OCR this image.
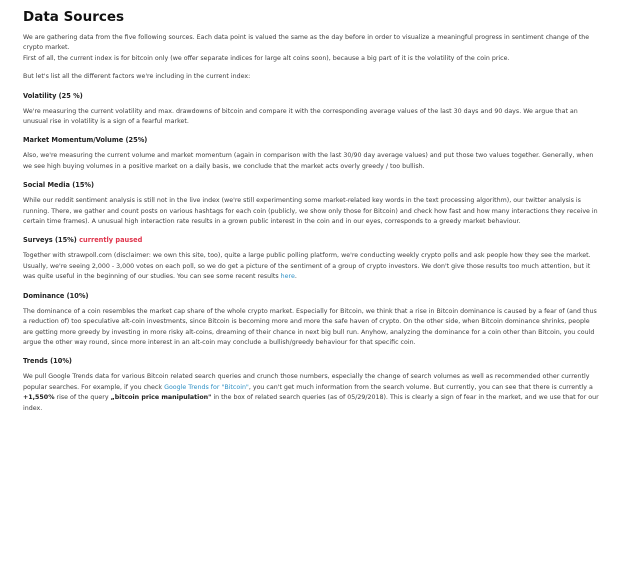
Data Sources

We are gathering data from the five following sources. Each data point is valued the same as the day before in order to visualize a meaningful progress in sentiment change of the crypto market.

First of all, the current index is for bitcoin only (we offer separate indices for large alt coins soon), because a big part of it is the volatility of the coin price.

But let's list all the different factors we're including in the current index:

Volatility (25 %)

We're measuring the current volatility and max. drawdowns of bitcoin and compare it with the corresponding average values of the last 30 days and 90 days. We argue that an unusual rise in volatility is a sign of a fearful market.

Market Momentum/Volume (25%)

Also, we're measuring the current volume and market momentum (again in comparison with the last 30/90 day average values) and put those two values together. Generally, when we see high buying volumes in a positive market on a daily basis, we conclude that the market acts overly greedy / too bullish.

Social Media (15%)

While our reddit sentiment analysis is still not in the live index (we're still experimenting some market-related key words in the text processing algorithm), our twitter analysis is running. There, we gather and count posts on various hashtags for each coin (publicly, we show only those for Bitcoin) and check how fast and how many interactions they receive in certain time frames). A unusual high interaction rate results in a grown public interest in the coin and in our eyes, corresponds to a greedy market behaviour.

Surveys (15%) currently paused

Together with strawpoll.com (disclaimer: we own this site, too), quite a large public polling platform, we're conducting weekly crypto polls and ask people how they see the market. Usually, we're seeing 2,000 - 3,000 votes on each poll, so we do get a picture of the sentiment of a group of crypto investors. We don't give those results too much attention, but it was quite useful in the beginning of our studies. You can see some recent results here.

Dominance (10%)

The dominance of a coin resembles the market cap share of the whole crypto market. Especially for Bitcoin, we think that a rise in Bitcoin dominance is caused by a fear of (and thus a reduction of) too speculative alt-coin investments, since Bitcoin is becoming more and more the safe haven of crypto. On the other side, when Bitcoin dominance shrinks, people are getting more greedy by investing in more risky alt-coins, dreaming of their chance in next big bull run. Anyhow, analyzing the dominance for a coin other than Bitcoin, you could argue the other way round, since more interest in an alt-coin may conclude a bullish/greedy behaviour for that specific coin.

Trends (10%)

We pull Google Trends data for various Bitcoin related search queries and crunch those numbers, especially the change of search volumes as well as recommended other currently popular searches. For example, if you check Google Trends for "Bitcoin", you can't get much information from the search volume. But currently, you can see that there is currently a +1,550% rise of the query „bitcoin price manipulation" in the box of related search queries (as of 05/29/2018). This is clearly a sign of fear in the market, and we use that for our index.
